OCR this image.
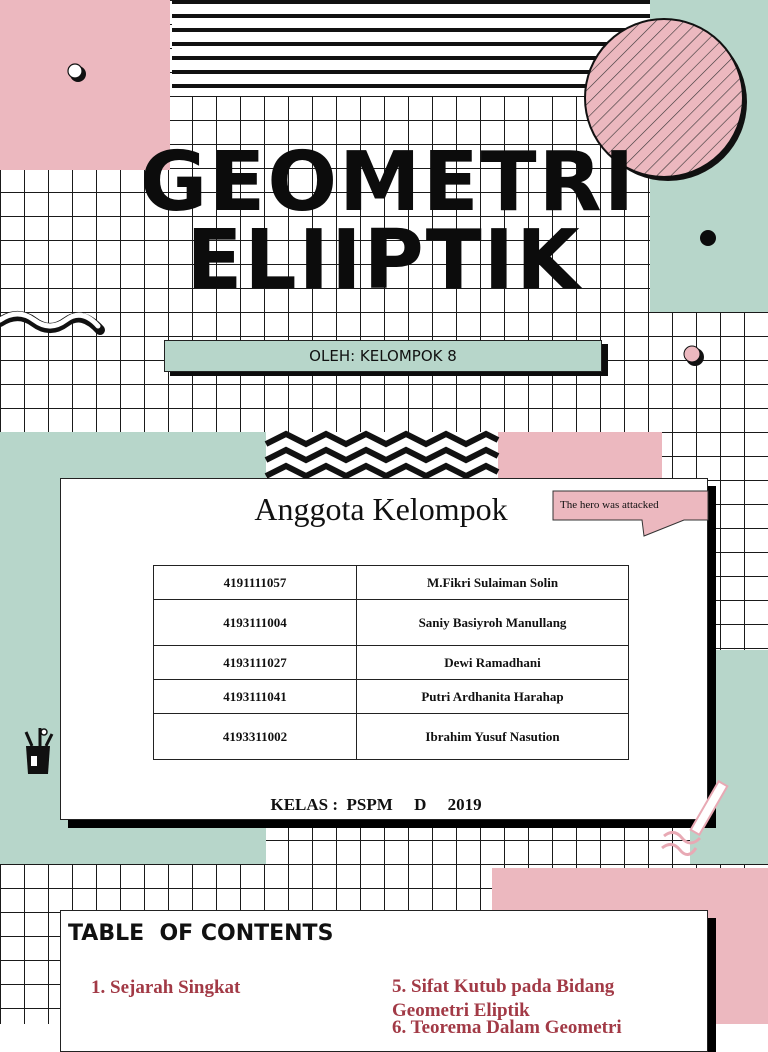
GEOMETRI
ELIIPTIK
OLEH: KELOMPOK 8
Anggota Kelompok
4191111057	M.Fikri Sulaiman Solin
4193111004	Saniy Basiyroh Manullang
4193111027	Dewi Ramadhani
4193111041	Putri Ardhanita Harahap
4193311002	Ibrahim Yusuf Nasution

KELAS : PSPM D 2019

The hero was attacked
TABLE  OF CONTENTS
1. Sejarah Singkat	5. Sifat Kutub pada Bidang Geometri Eliptik
6. Teorema Dalam Geometri
